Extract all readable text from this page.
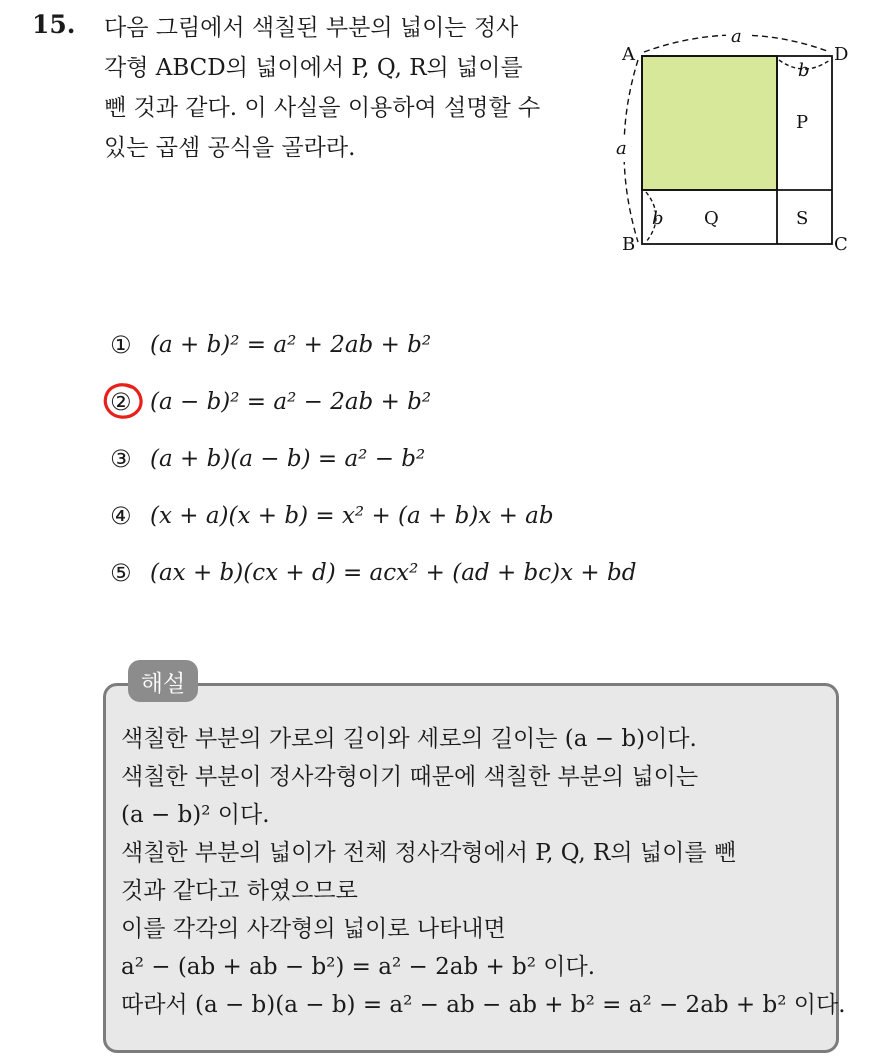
15. 다음 그림에서 색칠된 부분의 넓이는 정사
각형 ABCD의 넓이에서 P, Q, R의 넓이를
뺀 것과 같다. 이 사실을 이용하여 설명할 수
있는 곱셈 공식을 골라라.
A	D
B	C
a
a
b
b
P
Q	S
① (a + b)² = a² + 2ab + b²
② (a − b)² = a² − 2ab + b²
③ (a + b)(a − b) = a² − b²
④ (x + a)(x + b) = x² + (a + b)x + ab
⑤ (ax + b)(cx + d) = acx² + (ad + bc)x + bd
해설
색칠한 부분의 가로의 길이와 세로의 길이는 (a − b)이다.
색칠한 부분이 정사각형이기 때문에 색칠한 부분의 넓이는
(a − b)² 이다.
색칠한 부분의 넓이가 전체 정사각형에서 P, Q, R의 넓이를 뺀
것과 같다고 하였으므로
이를 각각의 사각형의 넓이로 나타내면
a² − (ab + ab − b²) = a² − 2ab + b² 이다.
따라서 (a − b)(a − b) = a² − ab − ab + b² = a² − 2ab + b² 이다.
